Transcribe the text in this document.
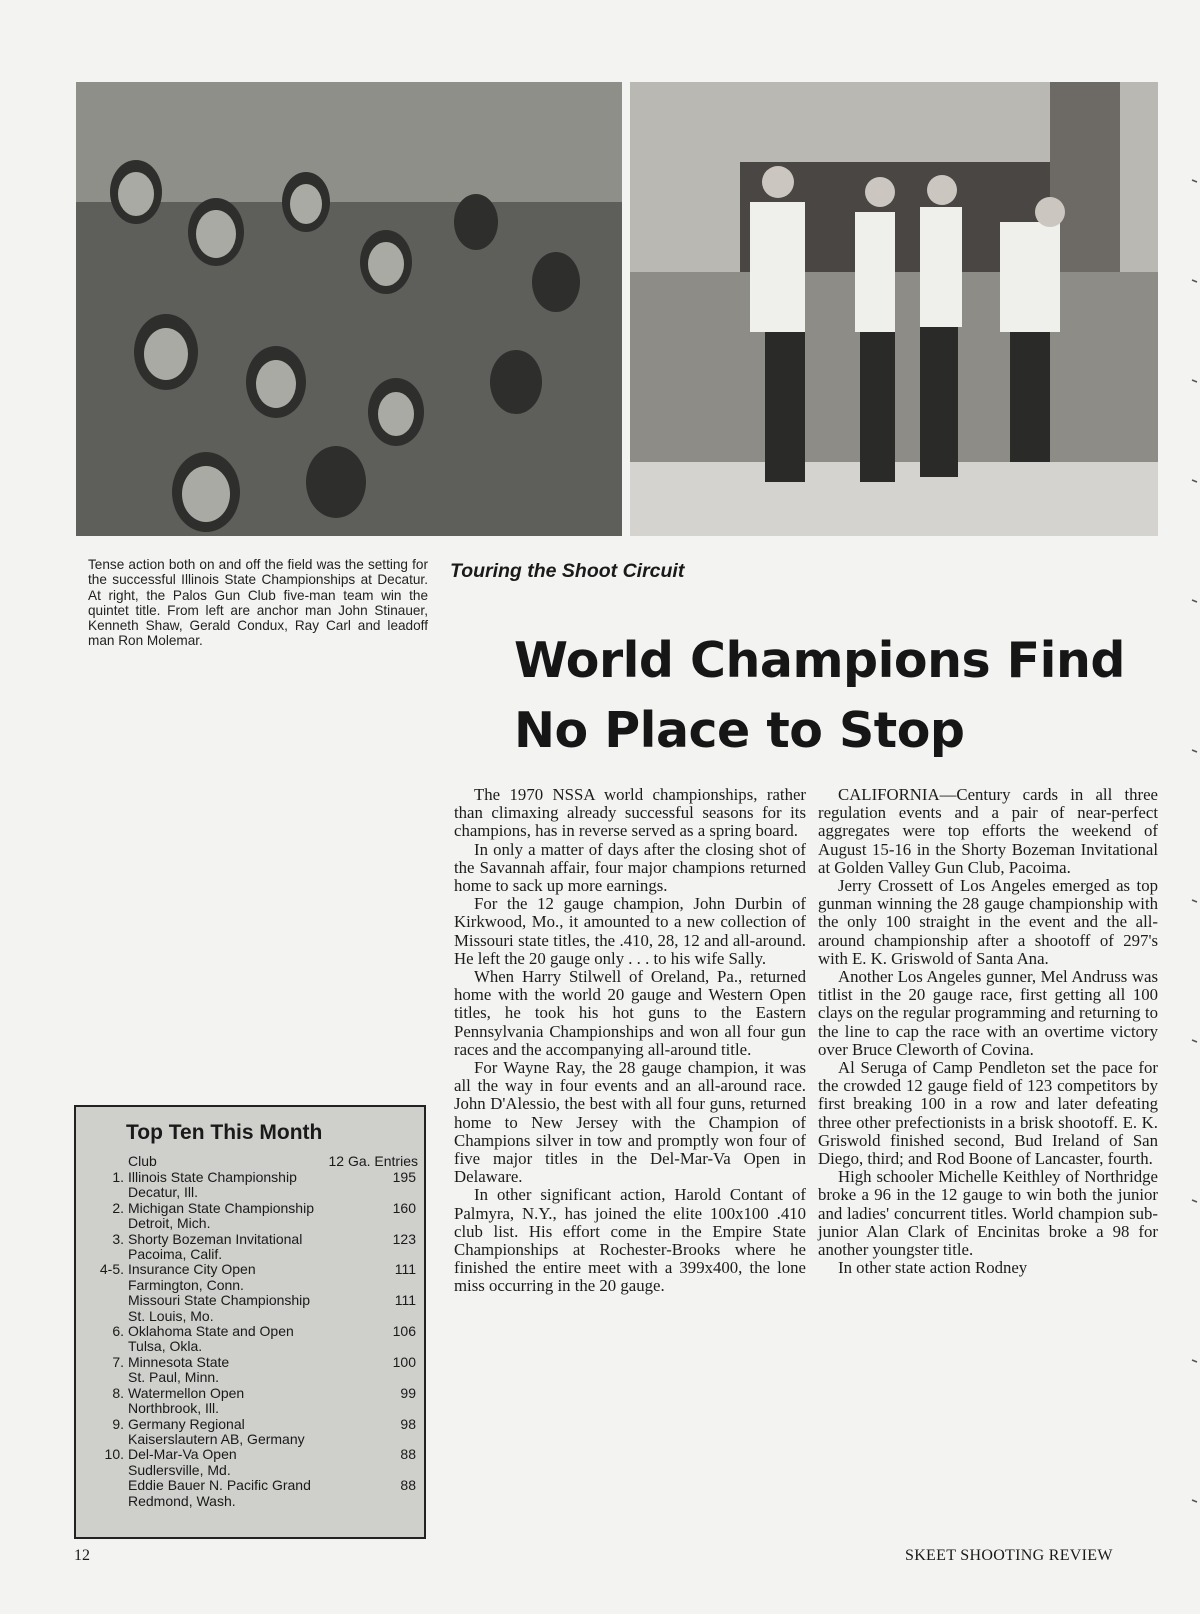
Tense action both on and off the field was the setting for the successful Illinois State Championships at Decatur. At right, the Palos Gun Club five-man team win the quintet title. From left are anchor man John Stinauer, Kenneth Shaw, Gerald Condux, Ray Carl and leadoff man Ron Molemar.
Touring the Shoot Circuit
World Champions Find No Place to Stop

The 1970 NSSA world championships, rather than climaxing already successful seasons for its champions, has in reverse served as a spring board.

In only a matter of days after the closing shot of the Savannah affair, four major champions returned home to sack up more earnings.

For the 12 gauge champion, John Durbin of Kirkwood, Mo., it amounted to a new collection of Missouri state titles, the .410, 28, 12 and all-around. He left the 20 gauge only . . . to his wife Sally.

When Harry Stilwell of Oreland, Pa., returned home with the world 20 gauge and Western Open titles, he took his hot guns to the Eastern Pennsylvania Championships and won all four gun races and the accompanying all-around title.

For Wayne Ray, the 28 gauge champion, it was all the way in four events and an all-around race. John D'Alessio, the best with all four guns, returned home to New Jersey with the Champion of Champions silver in tow and promptly won four of five major titles in the Del-Mar-Va Open in Delaware.

In other significant action, Harold Contant of Palmyra, N.Y., has joined the elite 100x100 .410 club list. His effort come in the Empire State Championships at Rochester-Brooks where he finished the entire meet with a 399x400, the lone miss occurring in the 20 gauge.

CALIFORNIA—Century cards in all three regulation events and a pair of near-perfect aggregates were top efforts the weekend of August 15-16 in the Shorty Bozeman Invitational at Golden Valley Gun Club, Pacoima.

Jerry Crossett of Los Angeles emerged as top gunman winning the 28 gauge championship with the only 100 straight in the event and the all-around championship after a shootoff of 297's with E. K. Griswold of Santa Ana.

Another Los Angeles gunner, Mel Andruss was titlist in the 20 gauge race, first getting all 100 clays on the regular programming and returning to the line to cap the race with an overtime victory over Bruce Cleworth of Covina.

Al Seruga of Camp Pendleton set the pace for the crowded 12 gauge field of 123 competitors by first breaking 100 in a row and later defeating three other prefectionists in a brisk shootoff. E. K. Griswold finished second, Bud Ireland of San Diego, third; and Rod Boone of Lancaster, fourth.

High schooler Michelle Keithley of Northridge broke a 96 in the 12 gauge to win both the junior and ladies' concurrent titles. World champion sub-junior Alan Clark of Encinitas broke a 98 for another youngster title.

In other state action Rodney

Top Ten This Month
Club	12 Ga. Entries
1. Illinois State Championship	195
Decatur, Ill.
2. Michigan State Championship	160
Detroit, Mich.
3. Shorty Bozeman Invitational	123
Pacoima, Calif.
4-5. Insurance City Open	111
Farmington, Conn.
Missouri State Championship	111
St. Louis, Mo.
6. Oklahoma State and Open	106
Tulsa, Okla.
7. Minnesota State	100
St. Paul, Minn.
8. Watermellon Open	99
Northbrook, Ill.
9. Germany Regional	98
Kaiserslautern AB, Germany
10. Del-Mar-Va Open	88
Sudlersville, Md.
Eddie Bauer N. Pacific Grand	88
Redmond, Wash.
12	SKEET SHOOTING REVIEW
